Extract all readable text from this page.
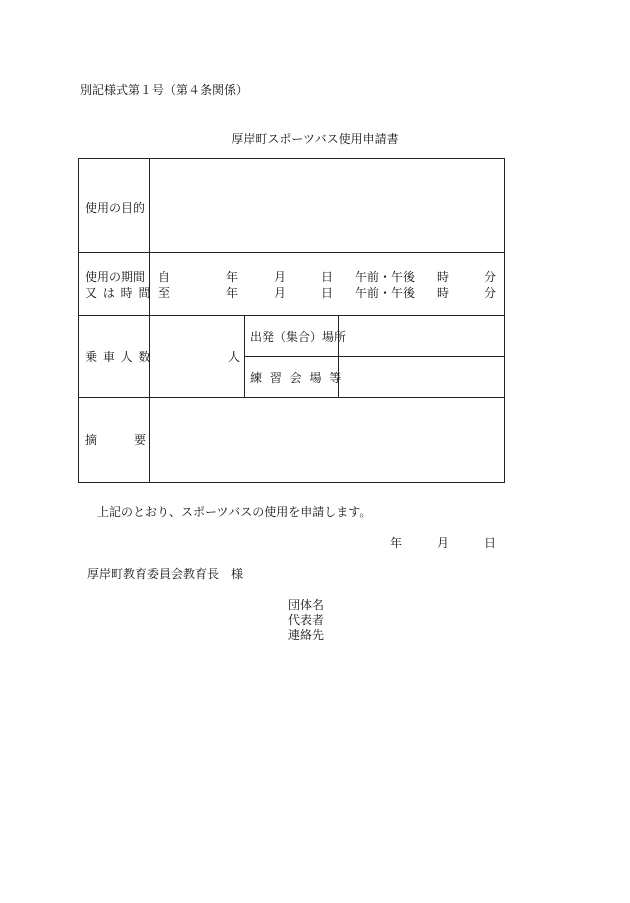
別記様式第１号（第４条関係）
厚岸町スポーツバス使用申請書
使用の目的
使用の期間
又 は 時 間
自	年	月	日 午前・午後 時	分
至	年	月	日 午前・午後 時	分
乗 車 人 数	人
出発（集合）場所
練 習 会 場 等
摘	要
上記のとおり、スポーツバスの使用を申請します。
年	月	日
厚岸町教育委員会教育長　様
団体名
代表者
連絡先
